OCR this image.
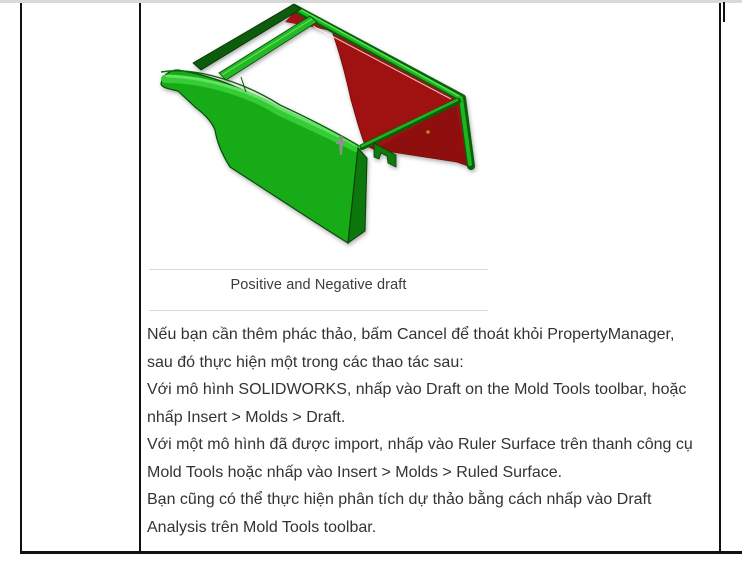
Positive and Negative draft
Nếu bạn cần thêm phác thảo, bấm Cancel để thoát khỏi PropertyManager,
sau đó thực hiện một trong các thao tác sau:
Với mô hình SOLIDWORKS, nhấp vào Draft on the Mold Tools toolbar, hoặc
nhấp Insert > Molds > Draft.
Với một mô hình đã được import, nhấp vào Ruler Surface trên thanh công cụ
Mold Tools hoặc nhấp vào Insert > Molds > Ruled Surface.
Bạn cũng có thể thực hiện phân tích dự thảo bằng cách nhấp vào Draft
Analysis trên Mold Tools toolbar.
